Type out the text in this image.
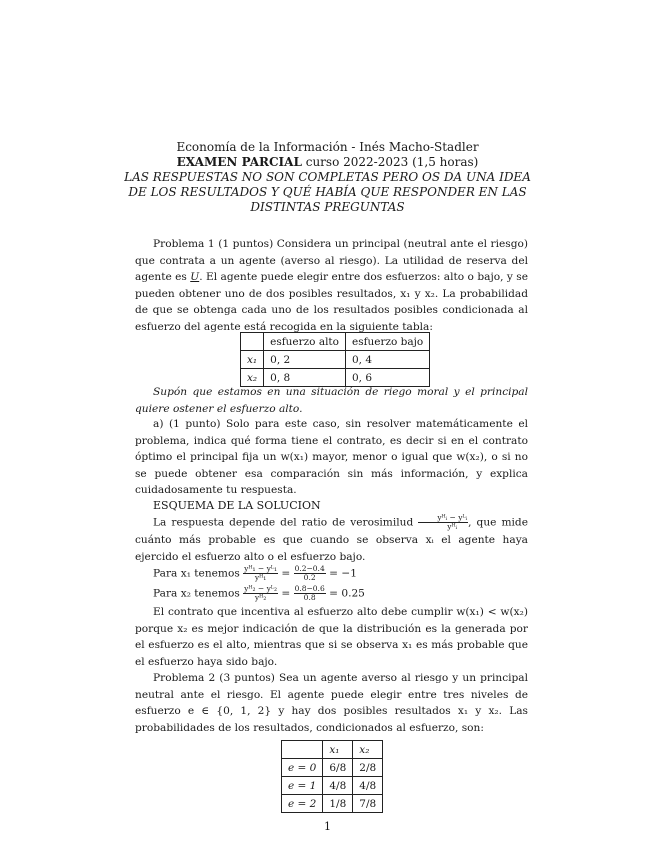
Economía de la Información - Inés Macho-Stadler
EXAMEN PARCIAL curso 2022-2023 (1,5 horas)
LAS RESPUESTAS NO SON COMPLETAS PERO OS DA UNA IDEA
DE LOS RESULTADOS Y QUÉ HABÍA QUE RESPONDER EN LAS
DISTINTAS PREGUNTAS
Problema 1 (1 puntos) Considera un principal (neutral ante el riesgo) que contrata a un agente (averso al riesgo). La utilidad de reserva del agente es U. El agente puede elegir entre dos esfuerzos: alto o bajo, y se pueden obtener uno de dos posibles resultados, x₁ y x₂. La probabilidad de que se obtenga cada uno de los resultados posibles condicionada al esfuerzo del agente está recogida en la siguiente tabla:
	esfuerzo alto	esfuerzo bajo
x₁	0, 2	0, 4
x₂	0, 8	0, 6
Supón que estamos en una situación de riego moral y el principal quiere ostener el esfuerzo alto.
a) (1 punto) Solo para este caso, sin resolver matemáticamente el problema, indica qué forma tiene el contrato, es decir si en el contrato óptimo el principal fija un w(x₁) mayor, menor o igual que w(x₂), o si no se puede obtener esa comparación sin más información, y explica cuidadosamente tu respuesta.
ESQUEMA DE LA SOLUCION
La respuesta depende del ratio de verosimilud $\frac{\text{yᴴᵢ − yᴸᵢ}}{\text{yᴴᵢ}}$ , que mide cuánto más probable es que cuando se observa xᵢ el agente haya ejercido el esfuerzo alto o el esfuerzo bajo.
Para x₁ tenemos $\frac{\text{yᴴ₁ − yᴸ₁}}{\text{yᴴ₁}} = \frac{0.2-0.4}{0.2} = -1$
Para x₂ tenemos $\frac{\text{yᴴ₂ − yᴸ₂}}{\text{yᴴ₂}} = \frac{0.8-0.6}{0.8} = 0.25$
El contrato que incentiva al esfuerzo alto debe cumplir w(x₁) < w(x₂) porque x₂ es mejor indicación de que la distribución es la generada por el esfuerzo es el alto, mientras que si se observa x₁ es más probable que el esfuerzo haya sido bajo.
Problema 2 (3 puntos) Sea un agente averso al riesgo y un principal neutral ante el riesgo. El agente puede elegir entre tres niveles de esfuerzo e ∈ {0, 1, 2} y hay dos posibles resultados x₁ y x₂. Las probabilidades de los resultados, condicionados al esfuerzo, son:
	x₁	x₂
e = 0	6/8	2/8
e = 1	4/8	4/8
e = 2	1/8	7/8
1
